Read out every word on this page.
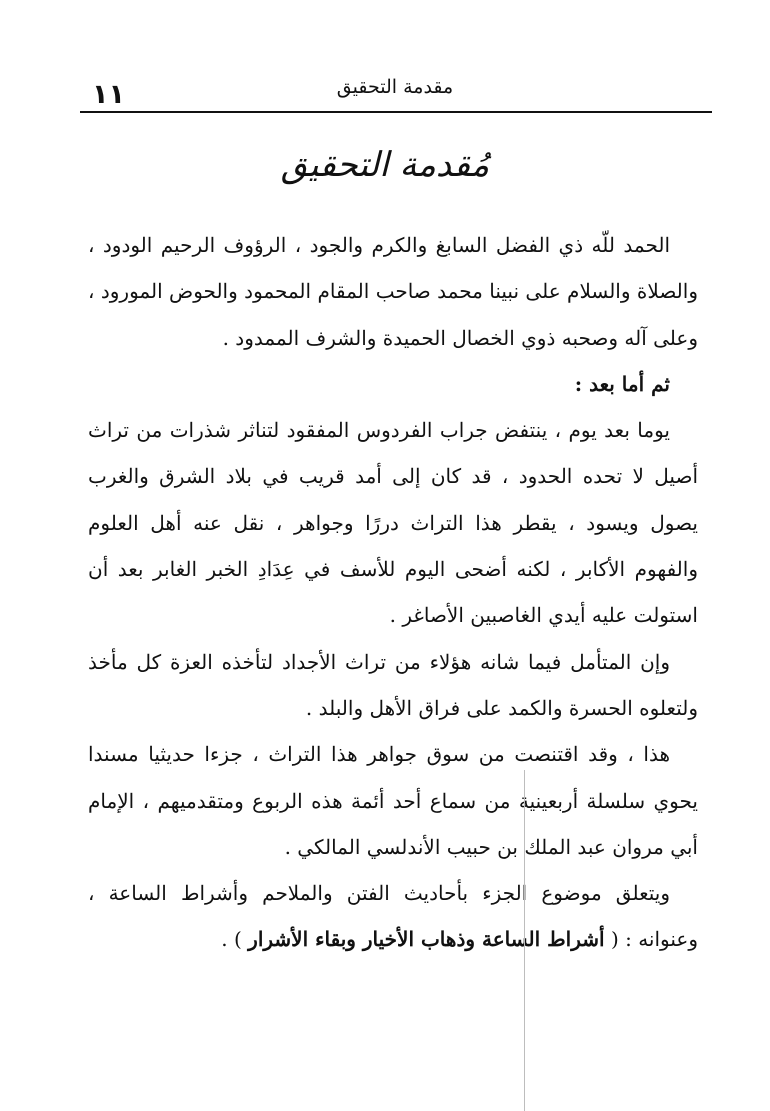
١١	مقدمة التحقيق
مُقدمة التحقيق

الحمد للّه ذي الفضل السابغ والكرم والجود ، الرؤوف الرحيم الودود ، والصلاة والسلام على نبينا محمد صاحب المقام المحمود والحوض المورود ، وعلى آله وصحبه ذوي الخصال الحميدة والشرف الممدود .

ثم أما بعد :

يوما بعد يوم ، ينتفض جراب الفردوس المفقود لتناثر شذرات من تراث أصيل لا تحده الحدود ، قد كان إلى أمد قريب في بلاد الشرق والغرب يصول ويسود ، يقطر هذا التراث دررًا وجواهر ، نقل عنه أهل العلوم والفهوم الأكابر ، لكنه أضحى اليوم للأسف في عِدَادِ الخبر الغابر بعد أن استولت عليه أيدي الغاصبين الأصاغر .

وإن المتأمل فيما شانه هؤلاء من تراث الأجداد لتأخذه العزة كل مأخذ ولتعلوه الحسرة والكمد على فراق الأهل والبلد .

هذا ، وقد اقتنصت من سوق جواهر هذا التراث ، جزءا حديثيا مسندا يحوي سلسلة أربعينية من سماع أحد أئمة هذه الربوع ومتقدميهم ، الإمام أبي مروان عبد الملك بن حبيب الأندلسي المالكي .

ويتعلق موضوع الجزء بأحاديث الفتن والملاحم وأشراط الساعة ، وعنوانه : ( أشراط الساعة وذهاب الأخيار وبقاء الأشرار ) .
